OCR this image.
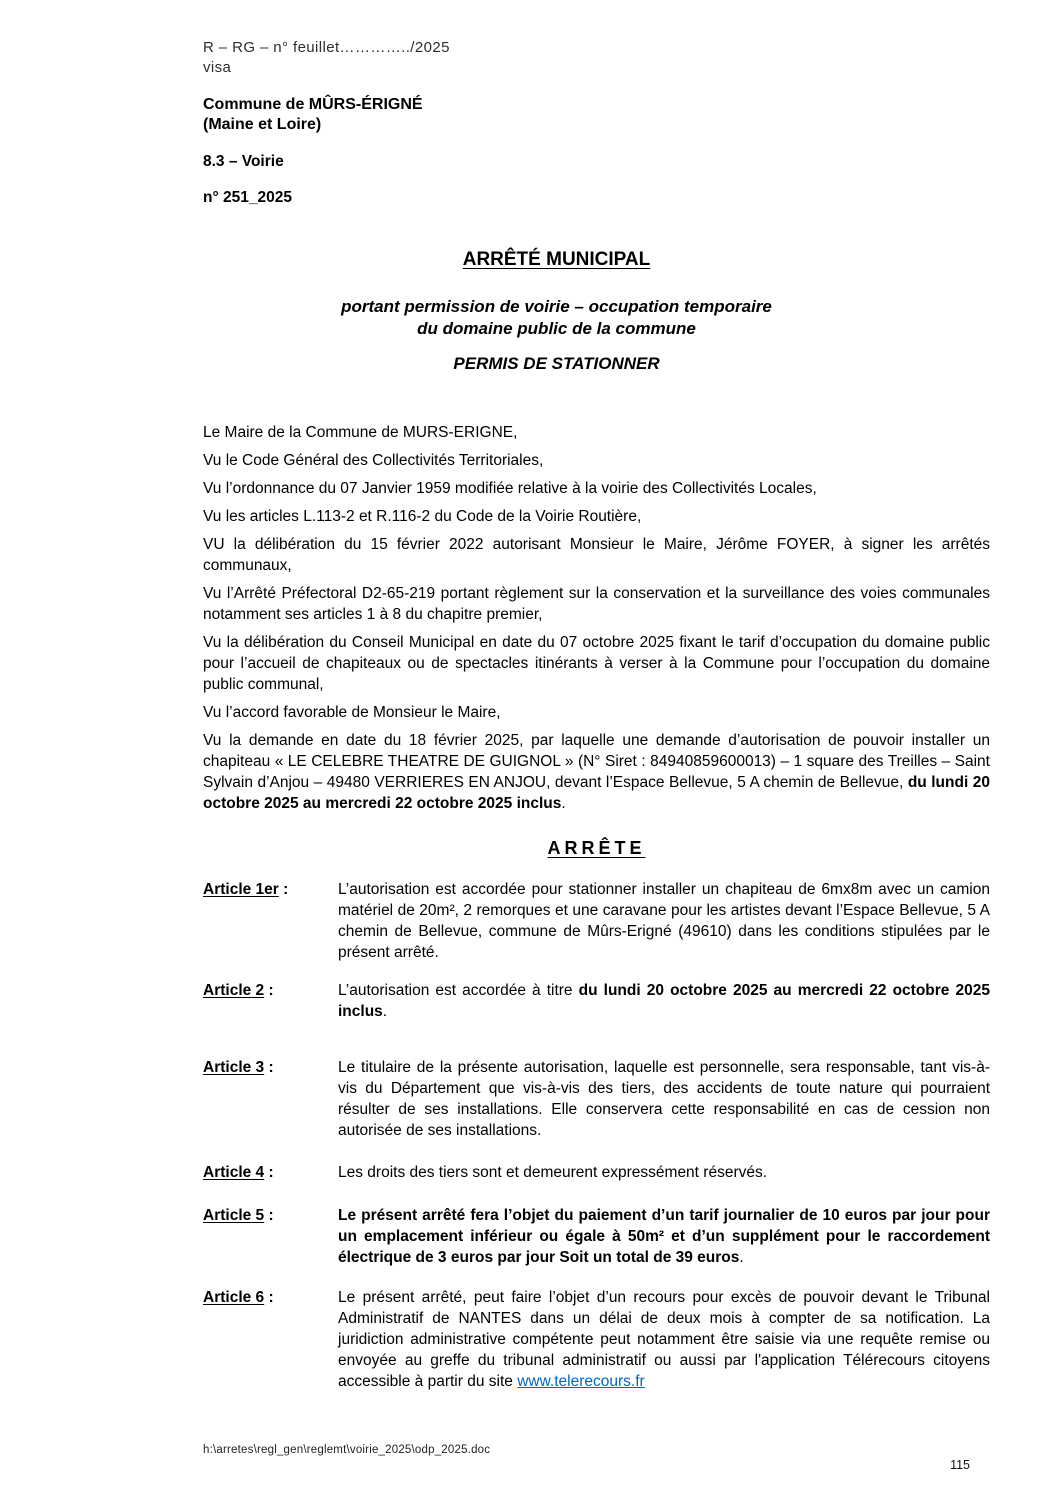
R – RG – n° feuillet…………../2025
visa
Commune de MÛRS-ÉRIGNÉ
(Maine et Loire)
8.3 – Voirie
n° 251_2025
ARRÊTÉ MUNICIPAL
portant permission de voirie – occupation temporaire
du domaine public de la commune
PERMIS DE STATIONNER

Le Maire de la Commune de MURS-ERIGNE,

Vu le Code Général des Collectivités Territoriales,

Vu l’ordonnance du 07 Janvier 1959 modifiée relative à la voirie des Collectivités Locales,

Vu les articles L.113-2 et R.116-2 du Code de la Voirie Routière,

VU la délibération du 15 février 2022 autorisant Monsieur le Maire, Jérôme FOYER, à signer les arrêtés communaux,

Vu l’Arrêté Préfectoral D2-65-219 portant règlement sur la conservation et la surveillance des voies communales notamment ses articles 1 à 8 du chapitre premier,

Vu la délibération du Conseil Municipal en date du 07 octobre 2025 fixant le tarif d’occupation du domaine public pour l’accueil de chapiteaux ou de spectacles itinérants à verser à la Commune pour l’occupation du domaine public communal,

Vu l’accord favorable de Monsieur le Maire,

Vu la demande en date du 18 février 2025, par laquelle une demande d’autorisation de pouvoir installer un chapiteau « LE CELEBRE THEATRE DE GUIGNOL » (N° Siret : 84940859600013) – 1 square des Treilles – Saint Sylvain d’Anjou – 49480 VERRIERES EN ANJOU, devant l’Espace Bellevue, 5 A chemin de Bellevue, du lundi 20 octobre 2025 au mercredi 22 octobre 2025 inclus.

ARRÊTE
Article 1er :	L’autorisation est accordée pour stationner installer un chapiteau de 6mx8m avec un camion matériel de 20m², 2 remorques et une caravane pour les artistes devant l’Espace Bellevue, 5 A chemin de Bellevue, commune de Mûrs-Erigné (49610) dans les conditions stipulées par le présent arrêté.
Article 2 :	L’autorisation est accordée à titre du lundi 20 octobre 2025 au mercredi 22 octobre 2025 inclus.
Article 3 :	Le titulaire de la présente autorisation, laquelle est personnelle, sera responsable, tant vis-à-vis du Département que vis-à-vis des tiers, des accidents de toute nature qui pourraient résulter de ses installations. Elle conservera cette responsabilité en cas de cession non autorisée de ses installations.
Article 4 :	Les droits des tiers sont et demeurent expressément réservés.
Article 5 :	Le présent arrêté fera l’objet du paiement d’un tarif journalier de 10 euros par jour pour un emplacement inférieur ou égale à 50m² et d’un supplément pour le raccordement électrique de 3 euros par jour Soit un total de 39 euros.
Article 6 :	Le présent arrêté, peut faire l’objet d’un recours pour excès de pouvoir devant le Tribunal Administratif de NANTES dans un délai de deux mois à compter de sa notification. La juridiction administrative compétente peut notamment être saisie via une requête remise ou envoyée au greffe du tribunal administratif ou aussi par l'application Télérecours citoyens accessible à partir du site www.telerecours.fr
h:\arretes\regl_gen\reglemt\voirie_2025\odp_2025.doc
115
